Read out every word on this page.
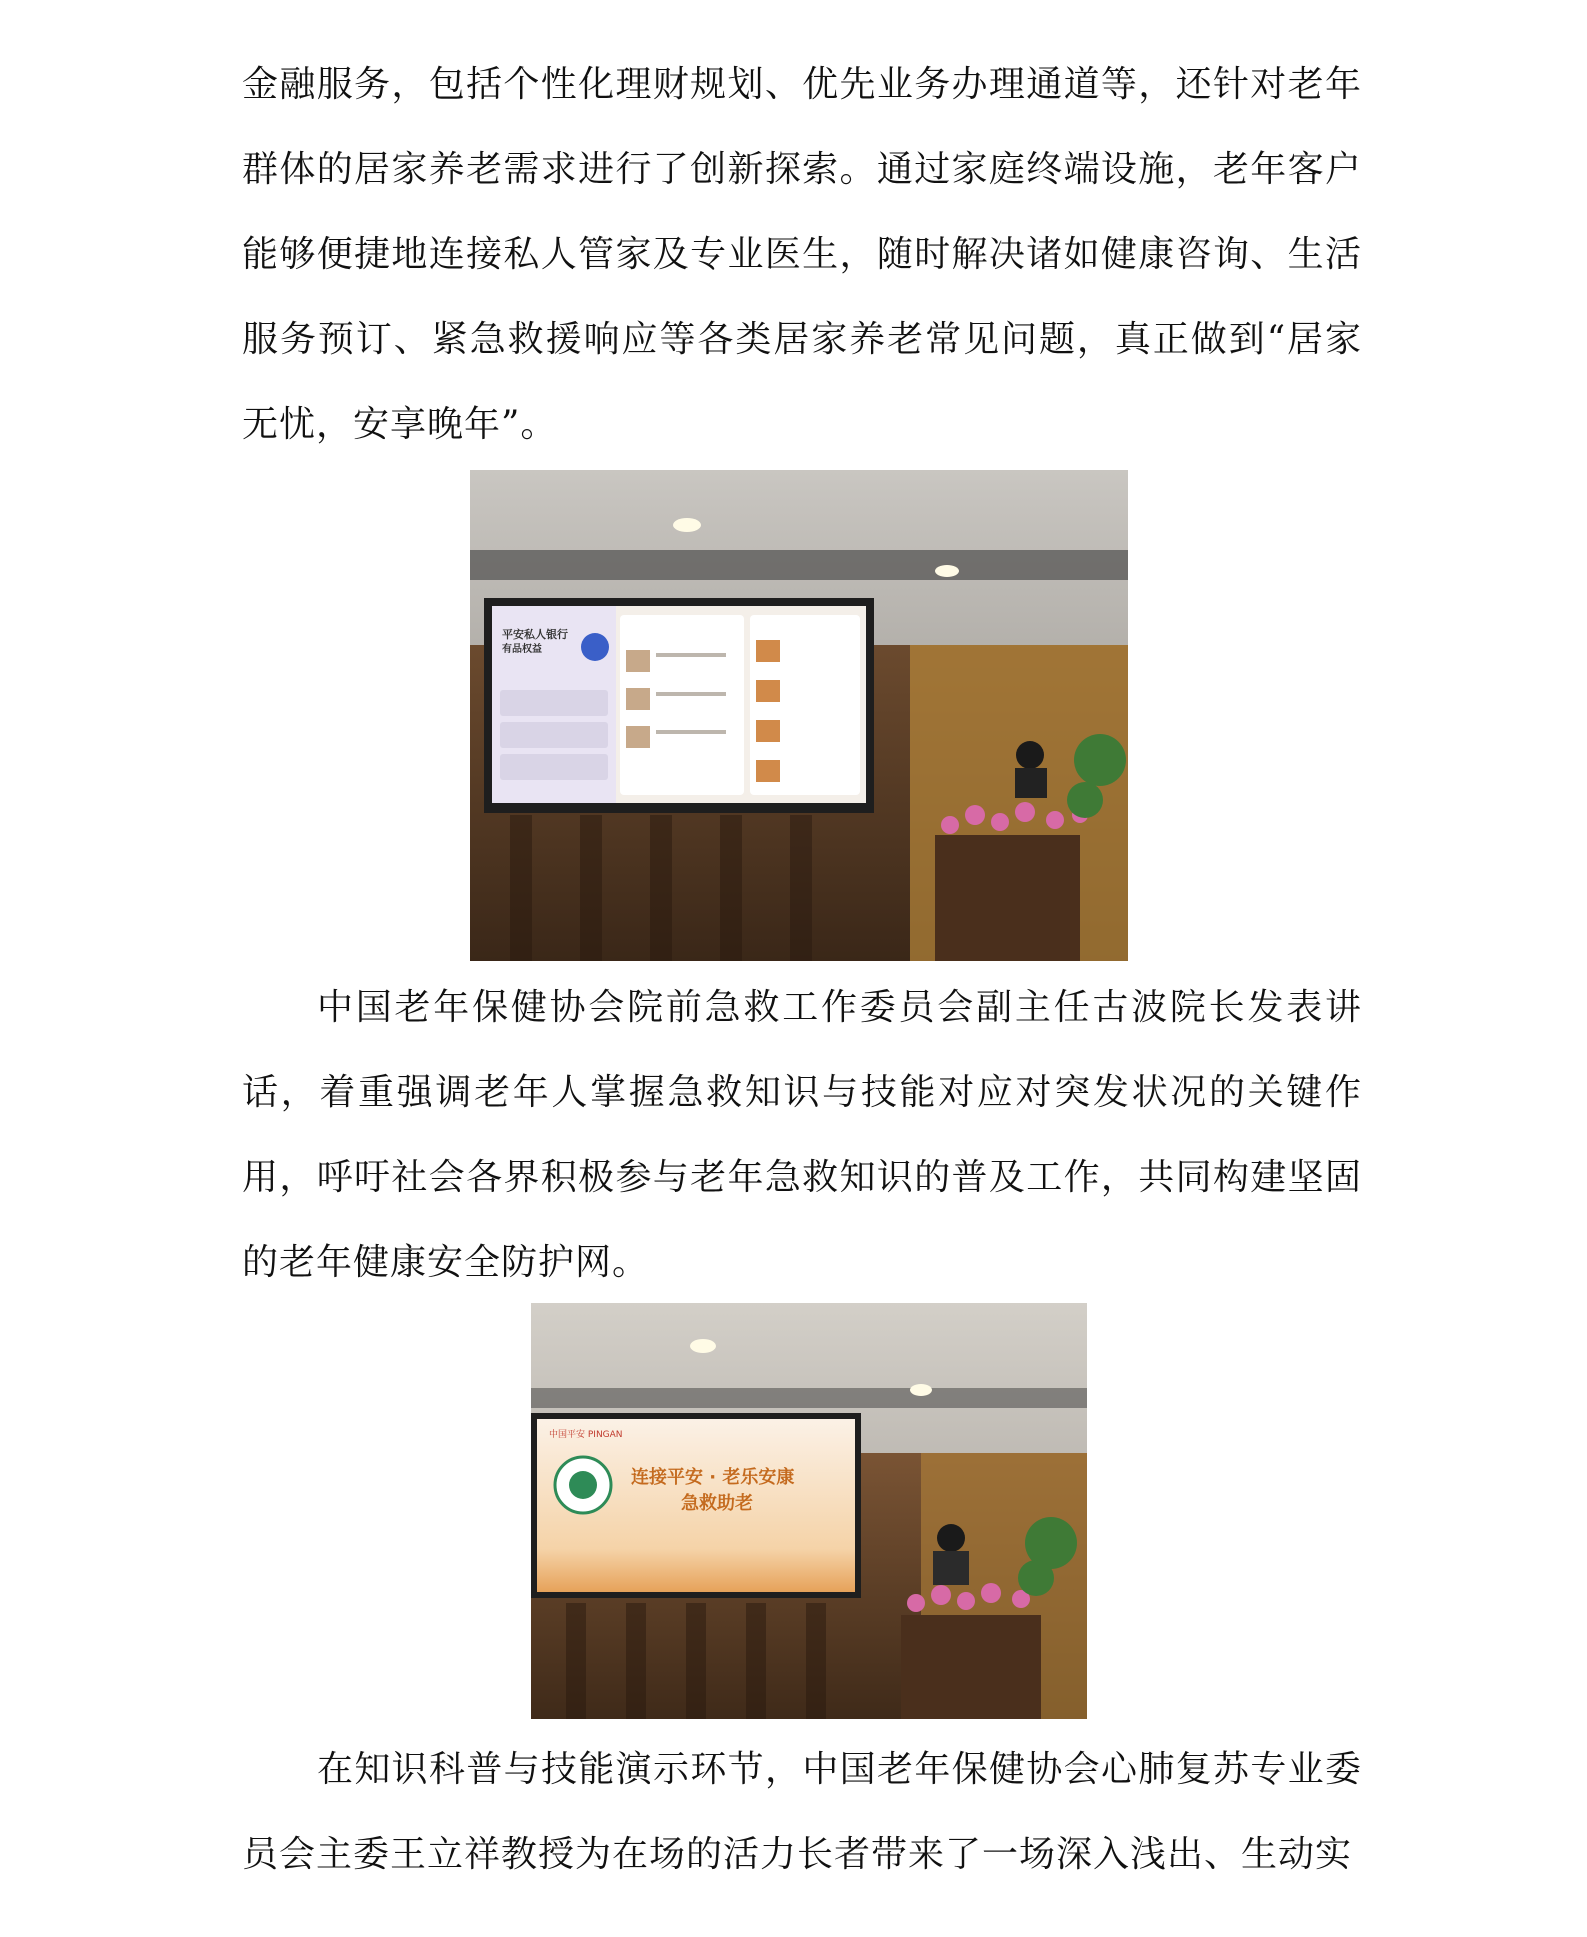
金融服务，包括个性化理财规划、优先业务办理通道等，还针对老年群体的居家养老需求进行了创新探索。通过家庭终端设施，老年客户能够便捷地连接私人管家及专业医生，随时解决诸如健康咨询、生活服务预订、紧急救援响应等各类居家养老常见问题，真正做到“居家无忧，安享晚年”。

平安私人银行
有品权益

中国老年保健协会院前急救工作委员会副主任古波院长发表讲话，着重强调老年人掌握急救知识与技能对应对突发状况的关键作用，呼吁社会各界积极参与老年急救知识的普及工作，共同构建坚固的老年健康安全防护网。

中国平安 PINGAN
连接平安 · 老乐安康
急救助老

在知识科普与技能演示环节，中国老年保健协会心肺复苏专业委员会主委王立祥教授为在场的活力长者带来了一场深入浅出、生动实
